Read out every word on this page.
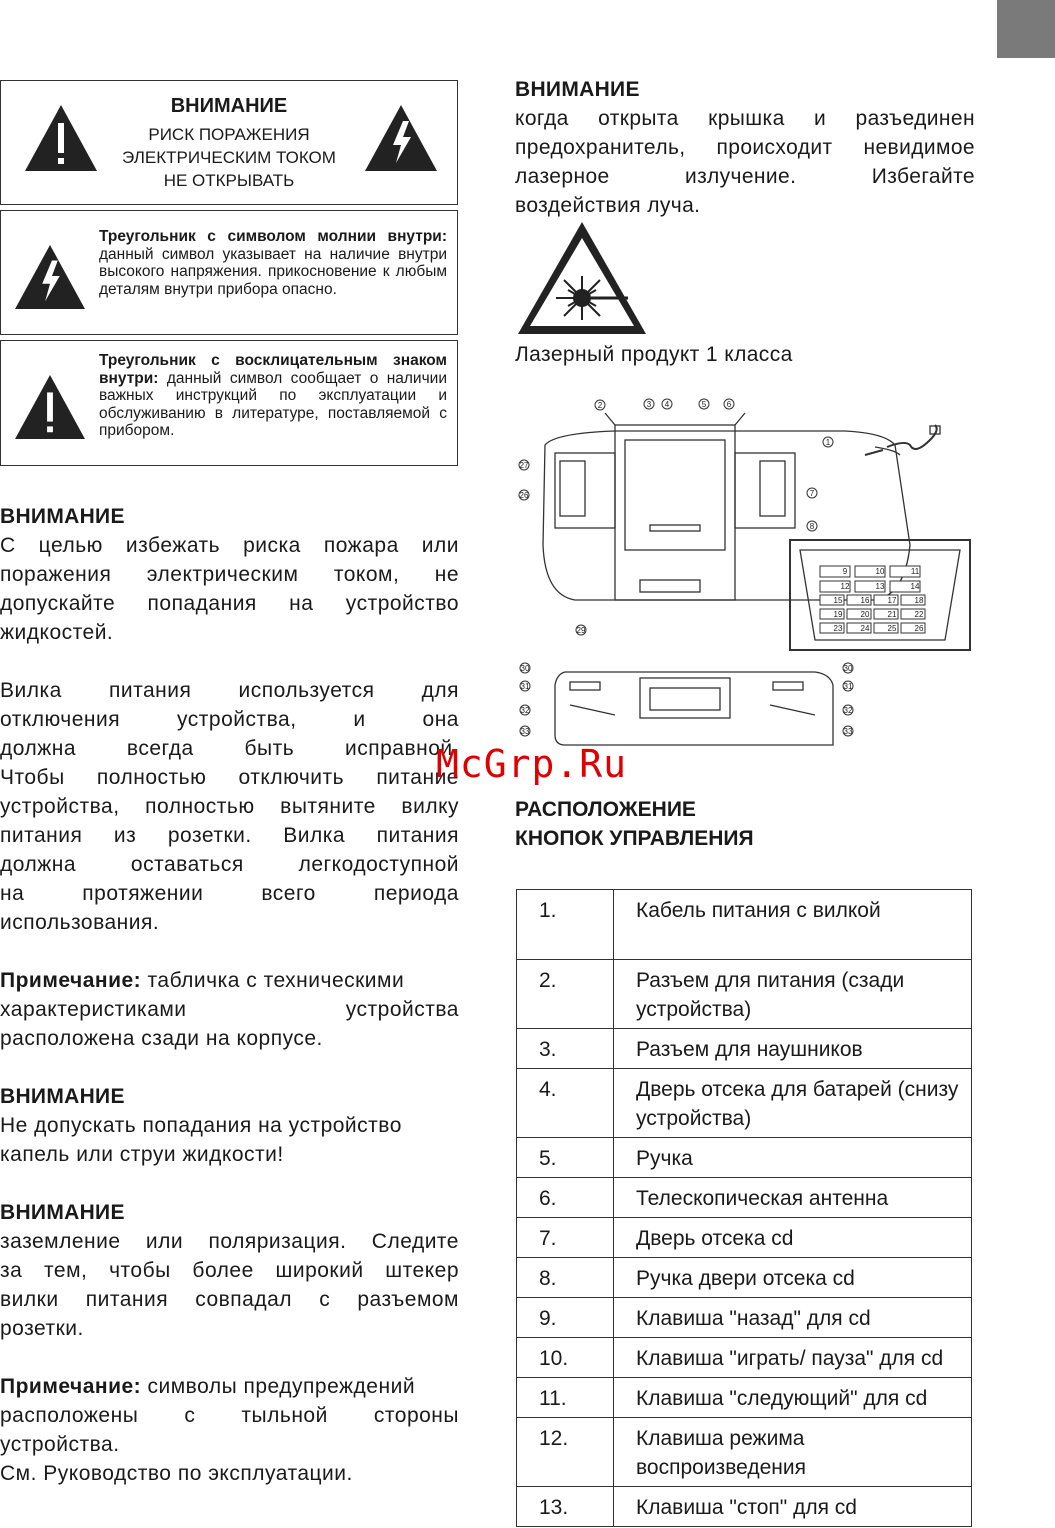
ВНИМАНИЕ
РИСК ПОРАЖЕНИЯ
ЭЛЕКТРИЧЕСКИМ ТОКОМ
НЕ ОТКРЫВАТЬ
Треугольник с символом молнии внутри: данный символ указывает на наличие внутри высокого напряжения. прикосновение к любым деталям внутри прибора опасно.
Треугольник с восклицательным знаком внутри: данный символ сообщает о наличии важных инструкций по эксплуатации и обслуживанию в литературе, поставляемой с прибором.
ВНИМАНИЕ
С целью избежать риска пожара или
поражения электрическим током, не
допускайте попадания на устройство
жидкостей.
Вилка питания используется для
отключения устройства, и она
должна всегда быть исправной.
Чтобы полностью отключить питание
устройства, полностью вытяните вилку
питания из розетки. Вилка питания
должна оставаться легкодоступной
на протяжении всего периода
использования.
Примечание: табличка с техническими
характеристиками устройства
расположена сзади на корпусе.
ВНИМАНИЕ
Не допускать попадания на устройство
капель или струи жидкости!
ВНИМАНИЕ
заземление или поляризация. Следите
за тем, чтобы более широкий штекер
вилки питания совпадал с разъемом
розетки.
Примечание: символы предупреждений
расположены с тыльной стороны
устройства.
См. Руководство по эксплуатации.
ВНИМАНИЕ
когда открыта крышка и разъединен
предохранитель, происходит невидимое
лазерное излучение. Избегайте
воздействия луча.
Лазерный продукт 1 класса
2	3 4	5	6
1
27
26	7
8
29
9	10	11
12	13	14
15 16 17 18
19 20 21 22
23 24 25 26
30
31
32
33
30
31
32
33
McGrp.Ru
РАСПОЛОЖЕНИЕ
КНОПОК УПРАВЛЕНИЯ
1.	Кабель питания с вилкой
2.	Разъем для питания (сзади устройства)
3.	Разъем для наушников
4.	Дверь отсека для батарей (снизу устройства)
5.	Ручка
6.	Телескопическая антенна
7.	Дверь отсека cd
8.	Ручка двери отсека cd
9.	Клавиша "назад" для cd
10.	Клавиша "играть/ пауза" для cd
11.	Клавиша "следующий" для cd
12.	Клавиша режима воспроизведения
13.	Клавиша "стоп" для cd
